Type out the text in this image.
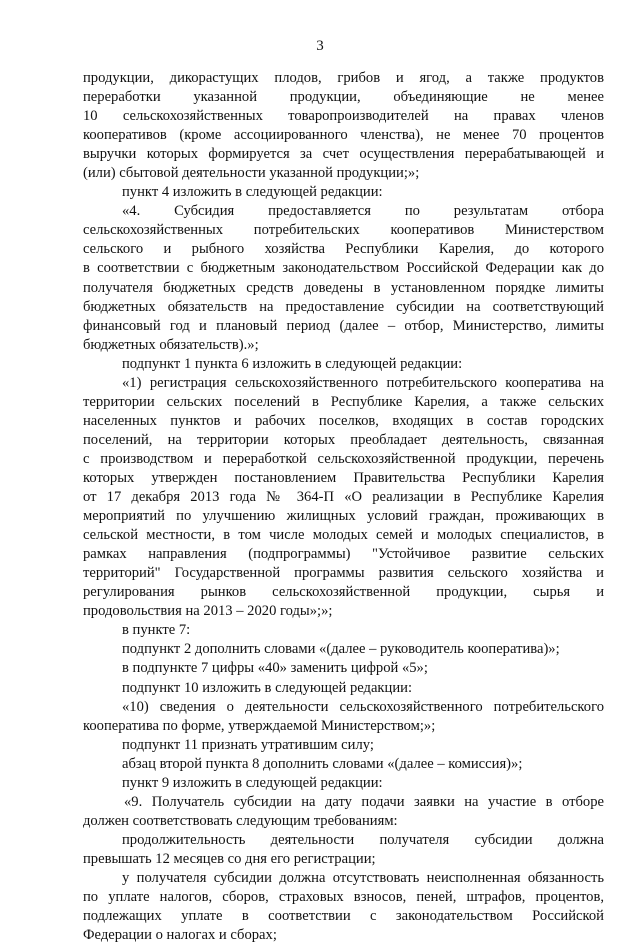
3

продукции, дикорастущих плодов, грибов и ягод, а также продуктов

переработки указанной продукции, объединяющие не менее

10 сельскохозяйственных товаропроизводителей на правах членов

кооперативов (кроме ассоциированного членства), не менее 70 процентов

выручки которых формируется за счет осуществления перерабатывающей и

(или) сбытовой деятельности указанной продукции;»;

пункт 4 изложить в следующей редакции:

«4. Субсидия предоставляется по результатам отбора

сельскохозяйственных потребительских кооперативов Министерством

сельского и рыбного хозяйства Республики Карелия, до которого

в соответствии с бюджетным законодательством Российской Федерации как до

получателя бюджетных средств доведены в установленном порядке лимиты

бюджетных обязательств на предоставление субсидии на соответствующий

финансовый год и плановый период (далее – отбор, Министерство, лимиты

бюджетных обязательств).»;

подпункт 1 пункта 6 изложить в следующей редакции:

«1) регистрация сельскохозяйственного потребительского кооператива на

территории сельских поселений в Республике Карелия, а также сельских

населенных пунктов и рабочих поселков, входящих в состав городских

поселений, на территории которых преобладает деятельность, связанная

с производством и переработкой сельскохозяйственной продукции, перечень

которых утвержден постановлением Правительства Республики Карелия

от 17 декабря 2013 года № 364-П «О реализации в Республике Карелия

мероприятий по улучшению жилищных условий граждан, проживающих в

сельской местности, в том числе молодых семей и молодых специалистов, в

рамках направления (подпрограммы) "Устойчивое развитие сельских

территорий" Государственной программы развития сельского хозяйства и

регулирования рынков сельскохозяйственной продукции, сырья и

продовольствия на 2013 – 2020 годы»;»;

в пункте 7:

подпункт 2 дополнить словами «(далее – руководитель кооператива)»;

в подпункте 7 цифры «40» заменить цифрой «5»;

подпункт 10 изложить в следующей редакции:

«10) сведения о деятельности сельскохозяйственного потребительского

кооператива по форме, утверждаемой Министерством;»;

подпункт 11 признать утратившим силу;

абзац второй пункта 8 дополнить словами «(далее – комиссия)»;

пункт 9 изложить в следующей редакции:

«9. Получатель субсидии на дату подачи заявки на участие в отборе

должен соответствовать следующим требованиям:

продолжительность деятельности получателя субсидии должна

превышать 12 месяцев со дня его регистрации;

у получателя субсидии должна отсутствовать неисполненная обязанность

по уплате налогов, сборов, страховых взносов, пеней, штрафов, процентов,

подлежащих уплате в соответствии с законодательством Российской

Федерации о налогах и сборах;
